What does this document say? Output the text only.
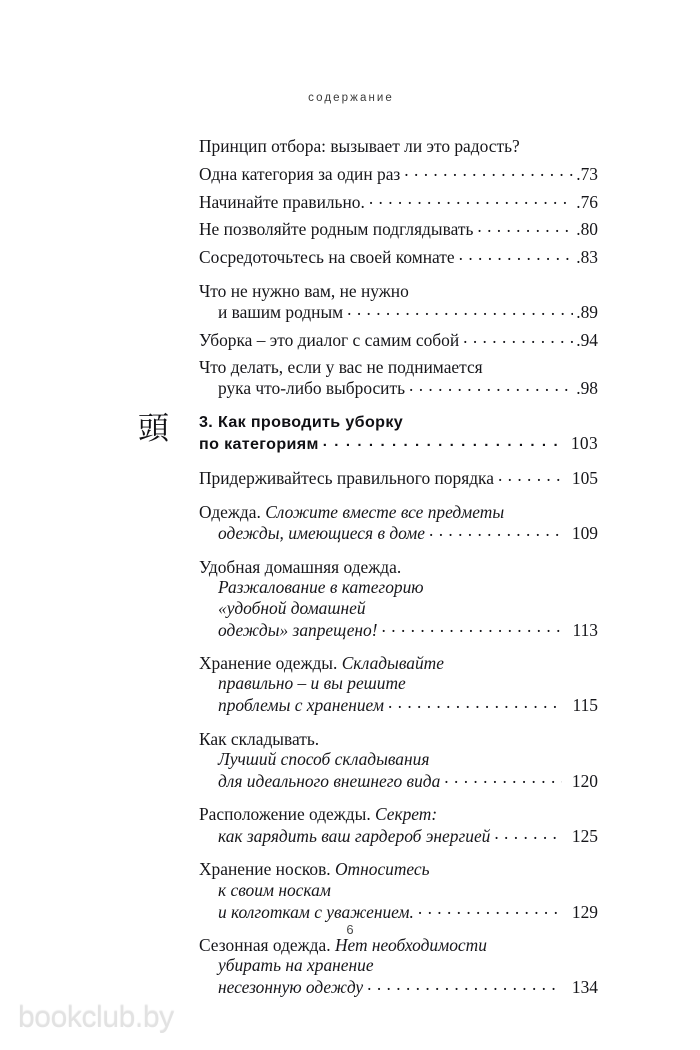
содержание
Принцип отбора: вызывает ли это радость?
Одна категория за один раз . . .	.73
Начинайте правильно. . . .	.76
Не позволяйте родным подглядывать . . .	.80
Сосредоточьтесь на своей комнате . . .	.83
Что не нужно вам, не нужно
и вашим родным . . .	.89
Уборка – это диалог с самим собой . . .	.94
Что делать, если у вас не поднимается
рука что-либо выбросить . . .	.98
頭 3. Как проводить уборку
по категориям . . .	103
Придерживайтесь правильного порядка . . .	105
Одежда. Сложите вместе все предметы
одежды, имеющиеся в доме . . .	109
Удобная домашняя одежда.
Разжалование в категорию
«удобной домашней
одежды» запрещено! . . .	113
Хранение одежды. Складывайте
правильно – и вы решите
проблемы с хранением . . .	115
Как складывать.
Лучший способ складывания
для идеального внешнего вида . . .	120
Расположение одежды. Секрет:
как зарядить ваш гардероб энергией . . .	125
Хранение носков. Относитесь
к своим носкам
и колготкам с уважением. . . .	129
Сезонная одежда. Нет необходимости
убирать на хранение
несезонную одежду . . .	134
6
bookclub.by
